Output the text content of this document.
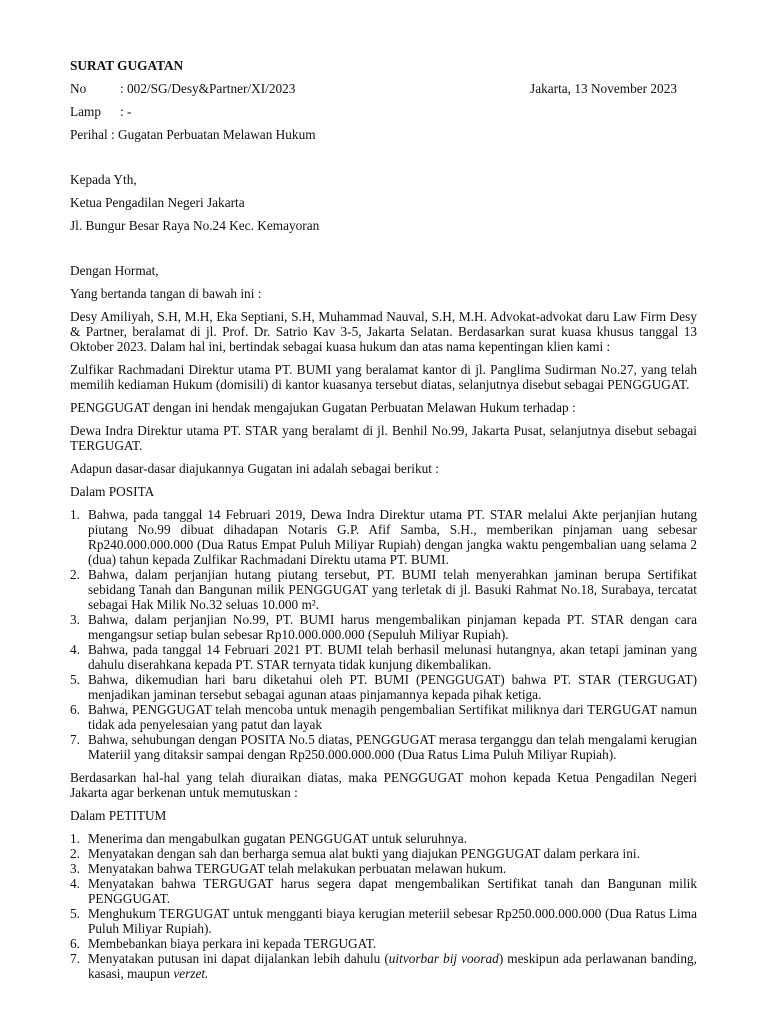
SURAT GUGATAN
No	: 002/SG/Desy&Partner/XI/2023	Jakarta, 13 November 2023
Lamp	: -
Perihal : Gugatan Perbuatan Melawan Hukum
Kepada Yth,
Ketua Pengadilan Negeri Jakarta
Jl. Bungur Besar Raya No.24 Kec. Kemayoran
Dengan Hormat,
Yang bertanda tangan di bawah ini :
Desy Amiliyah, S.H, M.H, Eka Septiani, S.H, Muhammad Nauval, S.H, M.H. Advokat-advokat daru Law Firm Desy & Partner, beralamat di jl. Prof. Dr. Satrio Kav 3-5, Jakarta Selatan. Berdasarkan surat kuasa khusus tanggal 13 Oktober 2023. Dalam hal ini, bertindak sebagai kuasa hukum dan atas nama kepentingan klien kami :
Zulfikar Rachmadani Direktur utama PT. BUMI yang beralamat kantor di jl. Panglima Sudirman No.27, yang telah memilih kediaman Hukum (domisili) di kantor kuasanya tersebut diatas, selanjutnya disebut sebagai PENGGUGAT.
PENGGUGAT dengan ini hendak mengajukan Gugatan Perbuatan Melawan Hukum terhadap :
Dewa Indra Direktur utama PT. STAR yang beralamt di jl. Benhil No.99, Jakarta Pusat, selanjutnya disebut sebagai TERGUGAT.
Adapun dasar-dasar diajukannya Gugatan ini adalah sebagai berikut :
Dalam POSITA
1. Bahwa, pada tanggal 14 Februari 2019, Dewa Indra Direktur utama PT. STAR melalui Akte perjanjian hutang piutang No.99 dibuat dihadapan Notaris G.P. Afif Samba, S.H., memberikan pinjaman uang sebesar Rp240.000.000.000 (Dua Ratus Empat Puluh Miliyar Rupiah) dengan jangka waktu pengembalian uang selama 2 (dua) tahun kepada Zulfikar Rachmadani Direktu utama PT. BUMI.
2. Bahwa, dalam perjanjian hutang piutang tersebut, PT. BUMI telah menyerahkan jaminan berupa Sertifikat sebidang Tanah dan Bangunan milik PENGGUGAT yang terletak di jl. Basuki Rahmat No.18, Surabaya, tercatat sebagai Hak Milik No.32 seluas 10.000 m².
3. Bahwa, dalam perjanjian No.99, PT. BUMI harus mengembalikan pinjaman kepada PT. STAR dengan cara mengangsur setiap bulan sebesar Rp10.000.000.000 (Sepuluh Miliyar Rupiah).
4. Bahwa, pada tanggal 14 Februari 2021 PT. BUMI telah berhasil melunasi hutangnya, akan tetapi jaminan yang dahulu diserahkana kepada PT. STAR ternyata tidak kunjung dikembalikan.
5. Bahwa, dikemudian hari baru diketahui oleh PT. BUMI (PENGGUGAT) bahwa PT. STAR (TERGUGAT) menjadikan jaminan tersebut sebagai agunan ataas pinjamannya kepada pihak ketiga.
6. Bahwa, PENGGUGAT telah mencoba untuk menagih pengembalian Sertifikat miliknya dari TERGUGAT namun tidak ada penyelesaian yang patut dan layak
7. Bahwa, sehubungan dengan POSITA No.5 diatas, PENGGUGAT merasa terganggu dan telah mengalami kerugian Materiil yang ditaksir sampai dengan Rp250.000.000.000 (Dua Ratus Lima Puluh Miliyar Rupiah).
Berdasarkan hal-hal yang telah diuraikan diatas, maka PENGGUGAT mohon kepada Ketua Pengadilan Negeri Jakarta agar berkenan untuk memutuskan :
Dalam PETITUM
1. Menerima dan mengabulkan gugatan PENGGUGAT untuk seluruhnya.
2. Menyatakan dengan sah dan berharga semua alat bukti yang diajukan PENGGUGAT dalam perkara ini.
3. Menyatakan bahwa TERGUGAT telah melakukan perbuatan melawan hukum.
4. Menyatakan bahwa TERGUGAT harus segera dapat mengembalikan Sertifikat tanah dan Bangunan milik PENGGUGAT.
5. Menghukum TERGUGAT untuk mengganti biaya kerugian meteriil sebesar Rp250.000.000.000 (Dua Ratus Lima Puluh Miliyar Rupiah).
6. Membebankan biaya perkara ini kepada TERGUGAT.
7. Menyatakan putusan ini dapat dijalankan lebih dahulu (uitvorbar bij voorad) meskipun ada perlawanan banding, kasasi, maupun verzet.
